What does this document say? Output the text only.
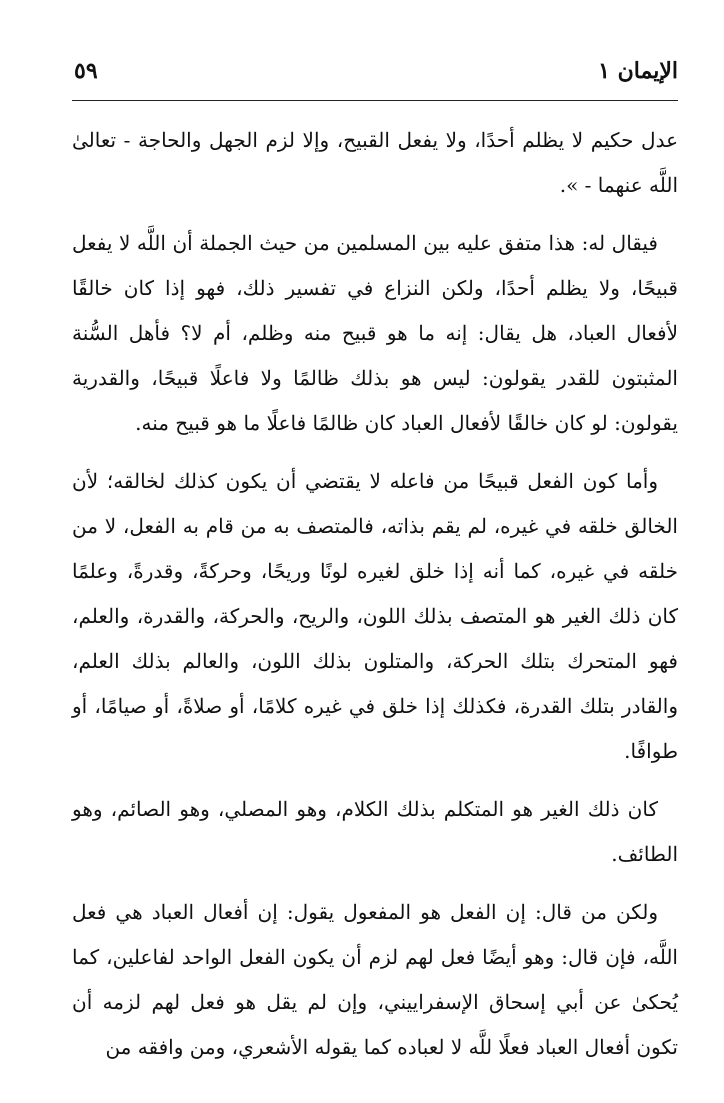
الإيمان ١
٥٩

عدل حكيم لا يظلم أحدًا، ولا يفعل القبيح، وإلا لزم الجهل والحاجة - تعالىٰ اللَّه عنهما - ».

فيقال له: هذا متفق عليه بين المسلمين من حيث الجملة أن اللَّه لا يفعل قبيحًا، ولا يظلم أحدًا، ولكن النزاع في تفسير ذلك، فهو إذا كان خالقًا لأفعال العباد، هل يقال: إنه ما هو قبيح منه وظلم، أم لا؟ فأهل السُّنة المثبتون للقدر يقولون: ليس هو بذلك ظالمًا ولا فاعلًا قبيحًا، والقدرية يقولون: لو كان خالقًا لأفعال العباد كان ظالمًا فاعلًا ما هو قبيح منه.

وأما كون الفعل قبيحًا من فاعله لا يقتضي أن يكون كذلك لخالقه؛ لأن الخالق خلقه في غيره، لم يقم بذاته، فالمتصف به من قام به الفعل، لا من خلقه في غيره، كما أنه إذا خلق لغيره لونًا وريحًا، وحركةً، وقدرةً، وعلمًا كان ذلك الغير هو المتصف بذلك اللون، والريح، والحركة، والقدرة، والعلم، فهو المتحرك بتلك الحركة، والمتلون بذلك اللون، والعالم بذلك العلم، والقادر بتلك القدرة، فكذلك إذا خلق في غيره كلامًا، أو صلاةً، أو صيامًا، أو طوافًا.

كان ذلك الغير هو المتكلم بذلك الكلام، وهو المصلي، وهو الصائم، وهو الطائف.

ولكن من قال: إن الفعل هو المفعول يقول: إن أفعال العباد هي فعل اللَّه، فإن قال: وهو أيضًا فعل لهم لزم أن يكون الفعل الواحد لفاعلين، كما يُحكىٰ عن أبي إسحاق الإسفراييني، وإن لم يقل هو فعل لهم لزمه أن تكون أفعال العباد فعلًا للَّه لا لعباده كما يقوله الأشعري، ومن وافقه من
